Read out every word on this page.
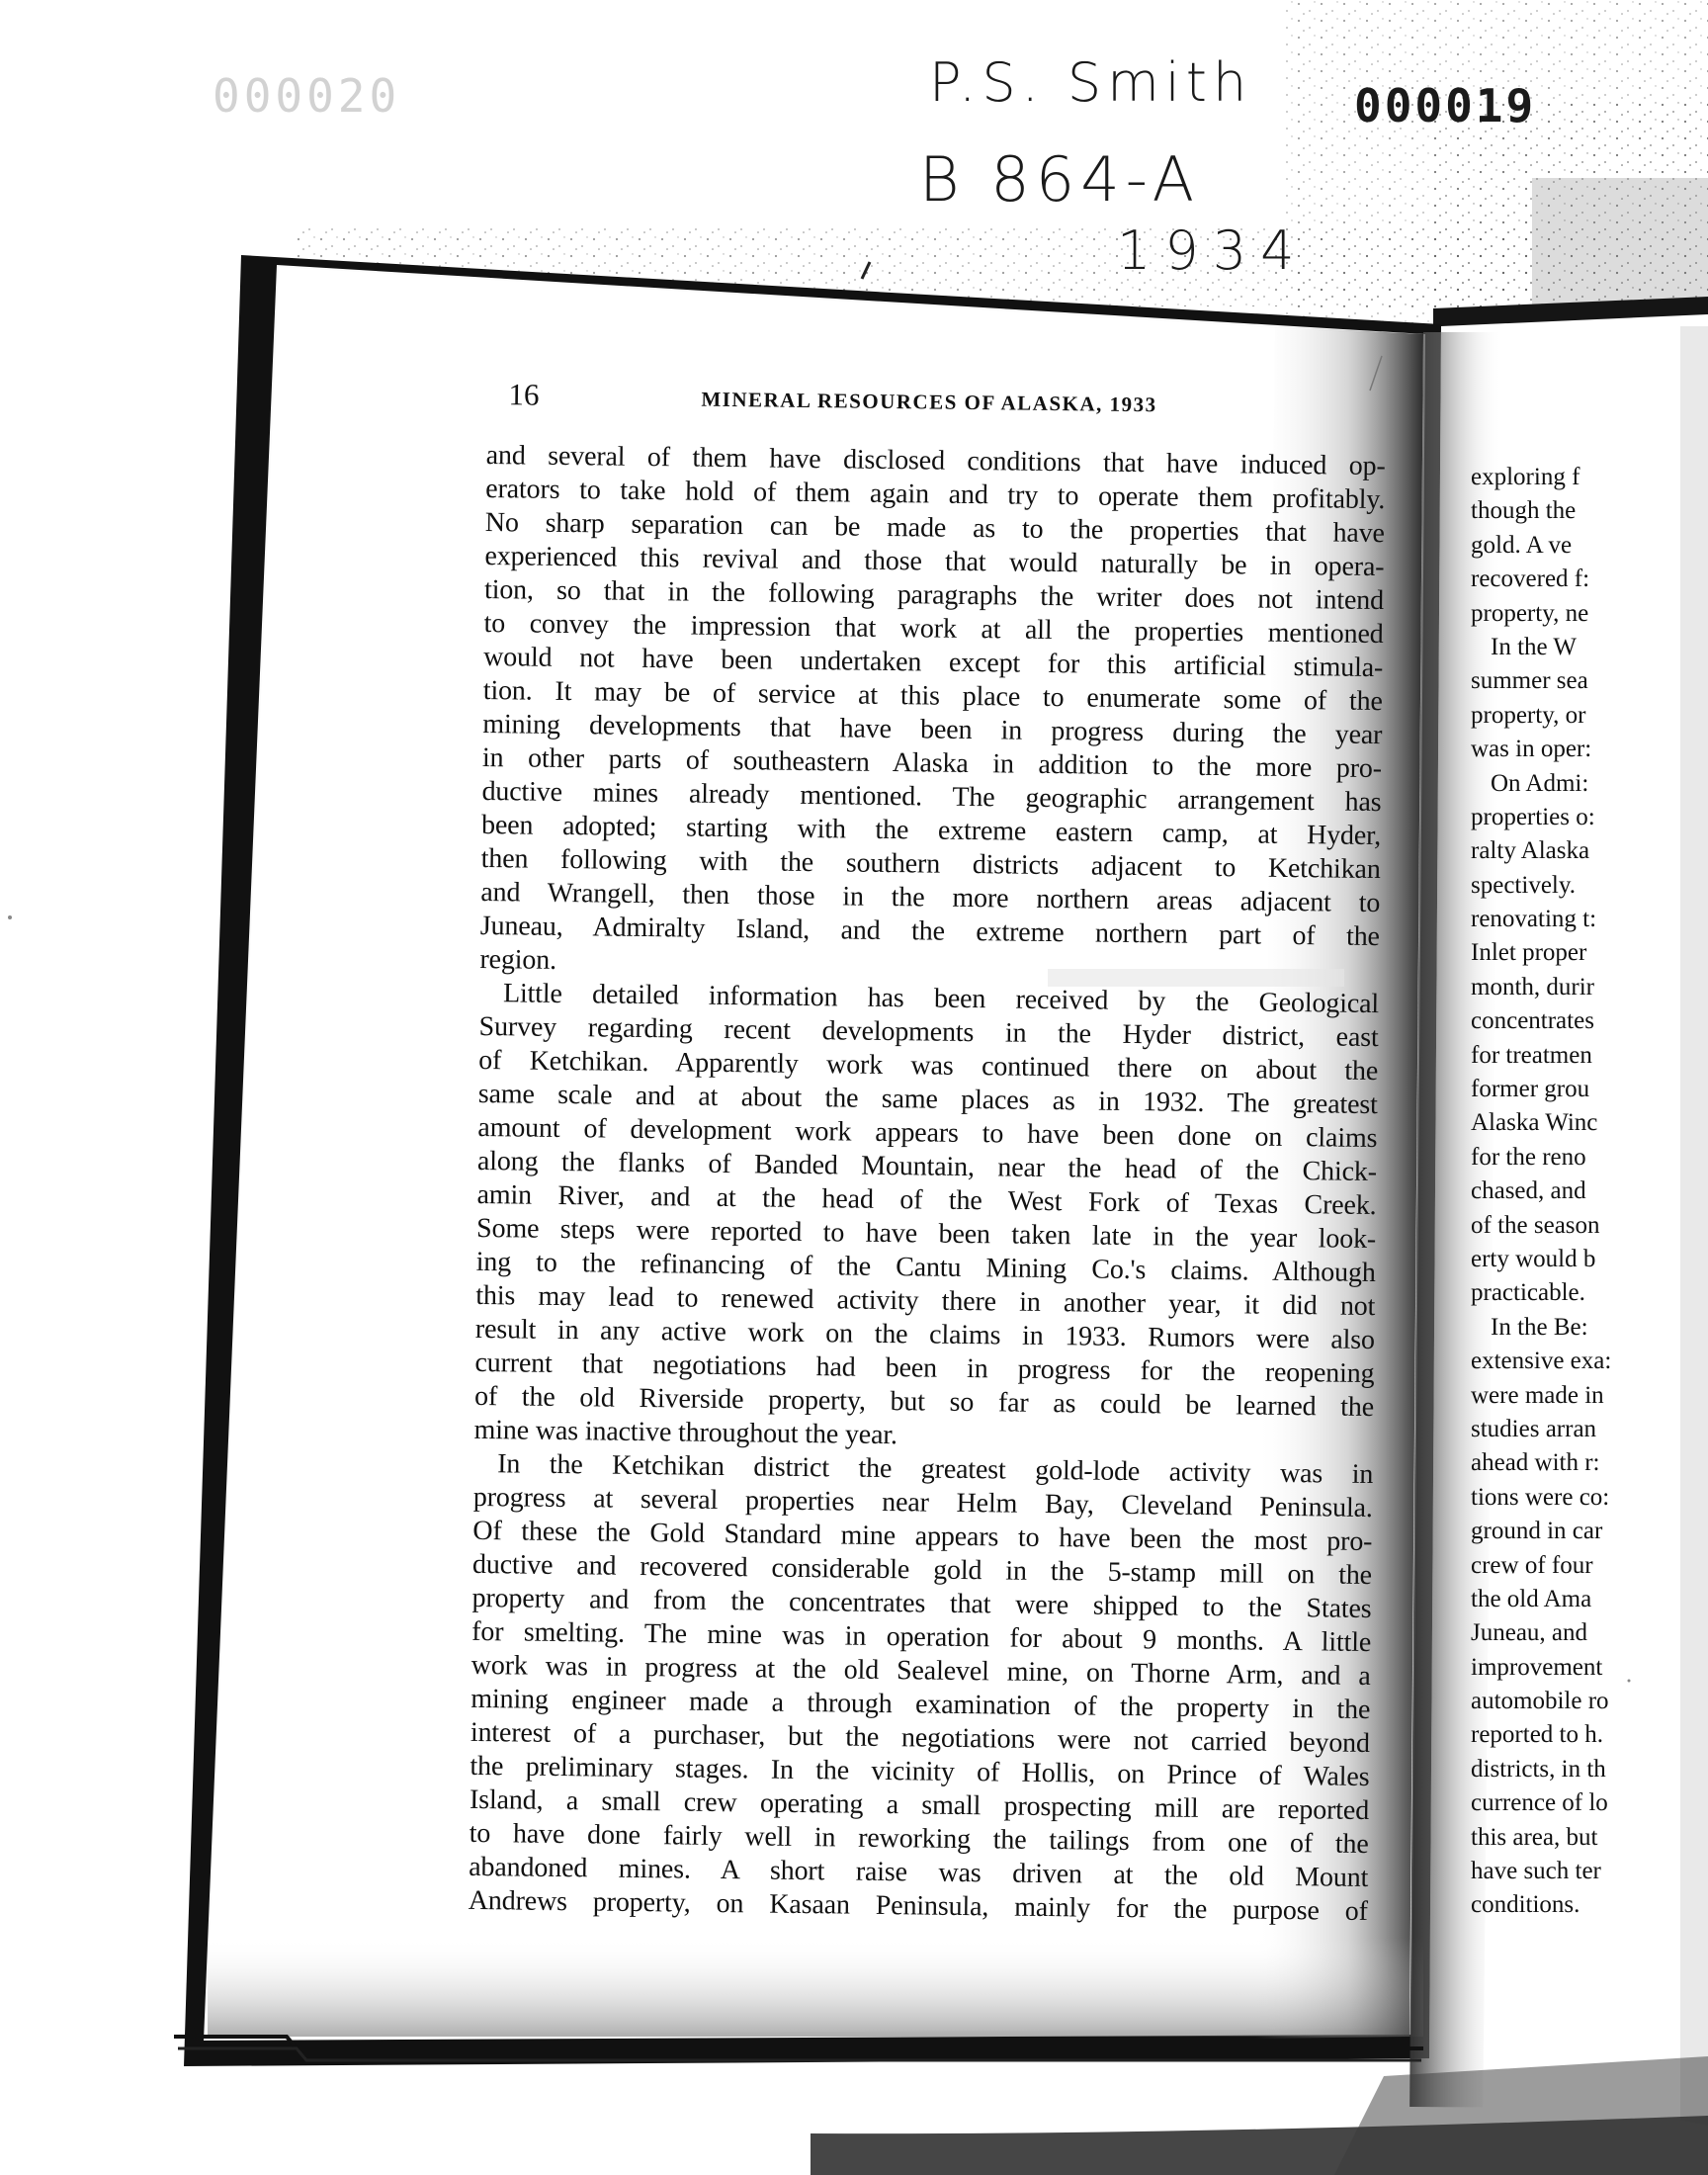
000020	000019
P.S. Smith
B 864-A
1934
16	MINERAL RESOURCES OF ALASKA, 1933
and several of them have disclosed conditions that have induced op-
erators to take hold of them again and try to operate them profitably.
No sharp separation can be made as to the properties that have
experienced this revival and those that would naturally be in opera-
tion, so that in the following paragraphs the writer does not intend
to convey the impression that work at all the properties mentioned
would not have been undertaken except for this artificial stimula-
tion. It may be of service at this place to enumerate some of the
mining developments that have been in progress during the year
in other parts of southeastern Alaska in addition to the more pro-
ductive mines already mentioned. The geographic arrangement has
been adopted; starting with the extreme eastern camp, at Hyder,
then following with the southern districts adjacent to Ketchikan
and Wrangell, then those in the more northern areas adjacent to
Juneau, Admiralty Island, and the extreme northern part of the
region.
Little detailed information has been received by the Geological
Survey regarding recent developments in the Hyder district, east
of Ketchikan. Apparently work was continued there on about the
same scale and at about the same places as in 1932. The greatest
amount of development work appears to have been done on claims
along the flanks of Banded Mountain, near the head of the Chick-
amin River, and at the head of the West Fork of Texas Creek.
Some steps were reported to have been taken late in the year look-
ing to the refinancing of the Cantu Mining Co.'s claims. Although
this may lead to renewed activity there in another year, it did not
result in any active work on the claims in 1933. Rumors were also
current that negotiations had been in progress for the reopening
of the old Riverside property, but so far as could be learned the
mine was inactive throughout the year.
In the Ketchikan district the greatest gold-lode activity was in
progress at several properties near Helm Bay, Cleveland Peninsula.
Of these the Gold Standard mine appears to have been the most pro-
ductive and recovered considerable gold in the 5-stamp mill on the
property and from the concentrates that were shipped to the States
for smelting. The mine was in operation for about 9 months. A little
work was in progress at the old Sealevel mine, on Thorne Arm, and a
mining engineer made a through examination of the property in the
interest of a purchaser, but the negotiations were not carried beyond
the preliminary stages. In the vicinity of Hollis, on Prince of Wales
Island, a small crew operating a small prospecting mill are reported
to have done fairly well in reworking the tailings from one of the
abandoned mines. A short raise was driven at the old Mount
Andrews property, on Kasaan Peninsula, mainly for the purpose of
exploring f
though the
gold. A ve
recovered f:
property, ne
In the W
summer sea
property, or
was in oper:
On Admi:
properties o:
ralty Alaska
spectively.
renovating t:
Inlet proper
month, durir
concentrates
for treatmen
former grou
Alaska Winc
for the reno
chased, and
of the season
erty would b
practicable.
In the Be:
extensive exa:
were made in
studies arran
ahead with r:
tions were co:
ground in car
crew of four
the old Ama
Juneau, and
improvement
automobile ro
reported to h.
districts, in th
currence of lo
this area, but
have such ter
conditions.
